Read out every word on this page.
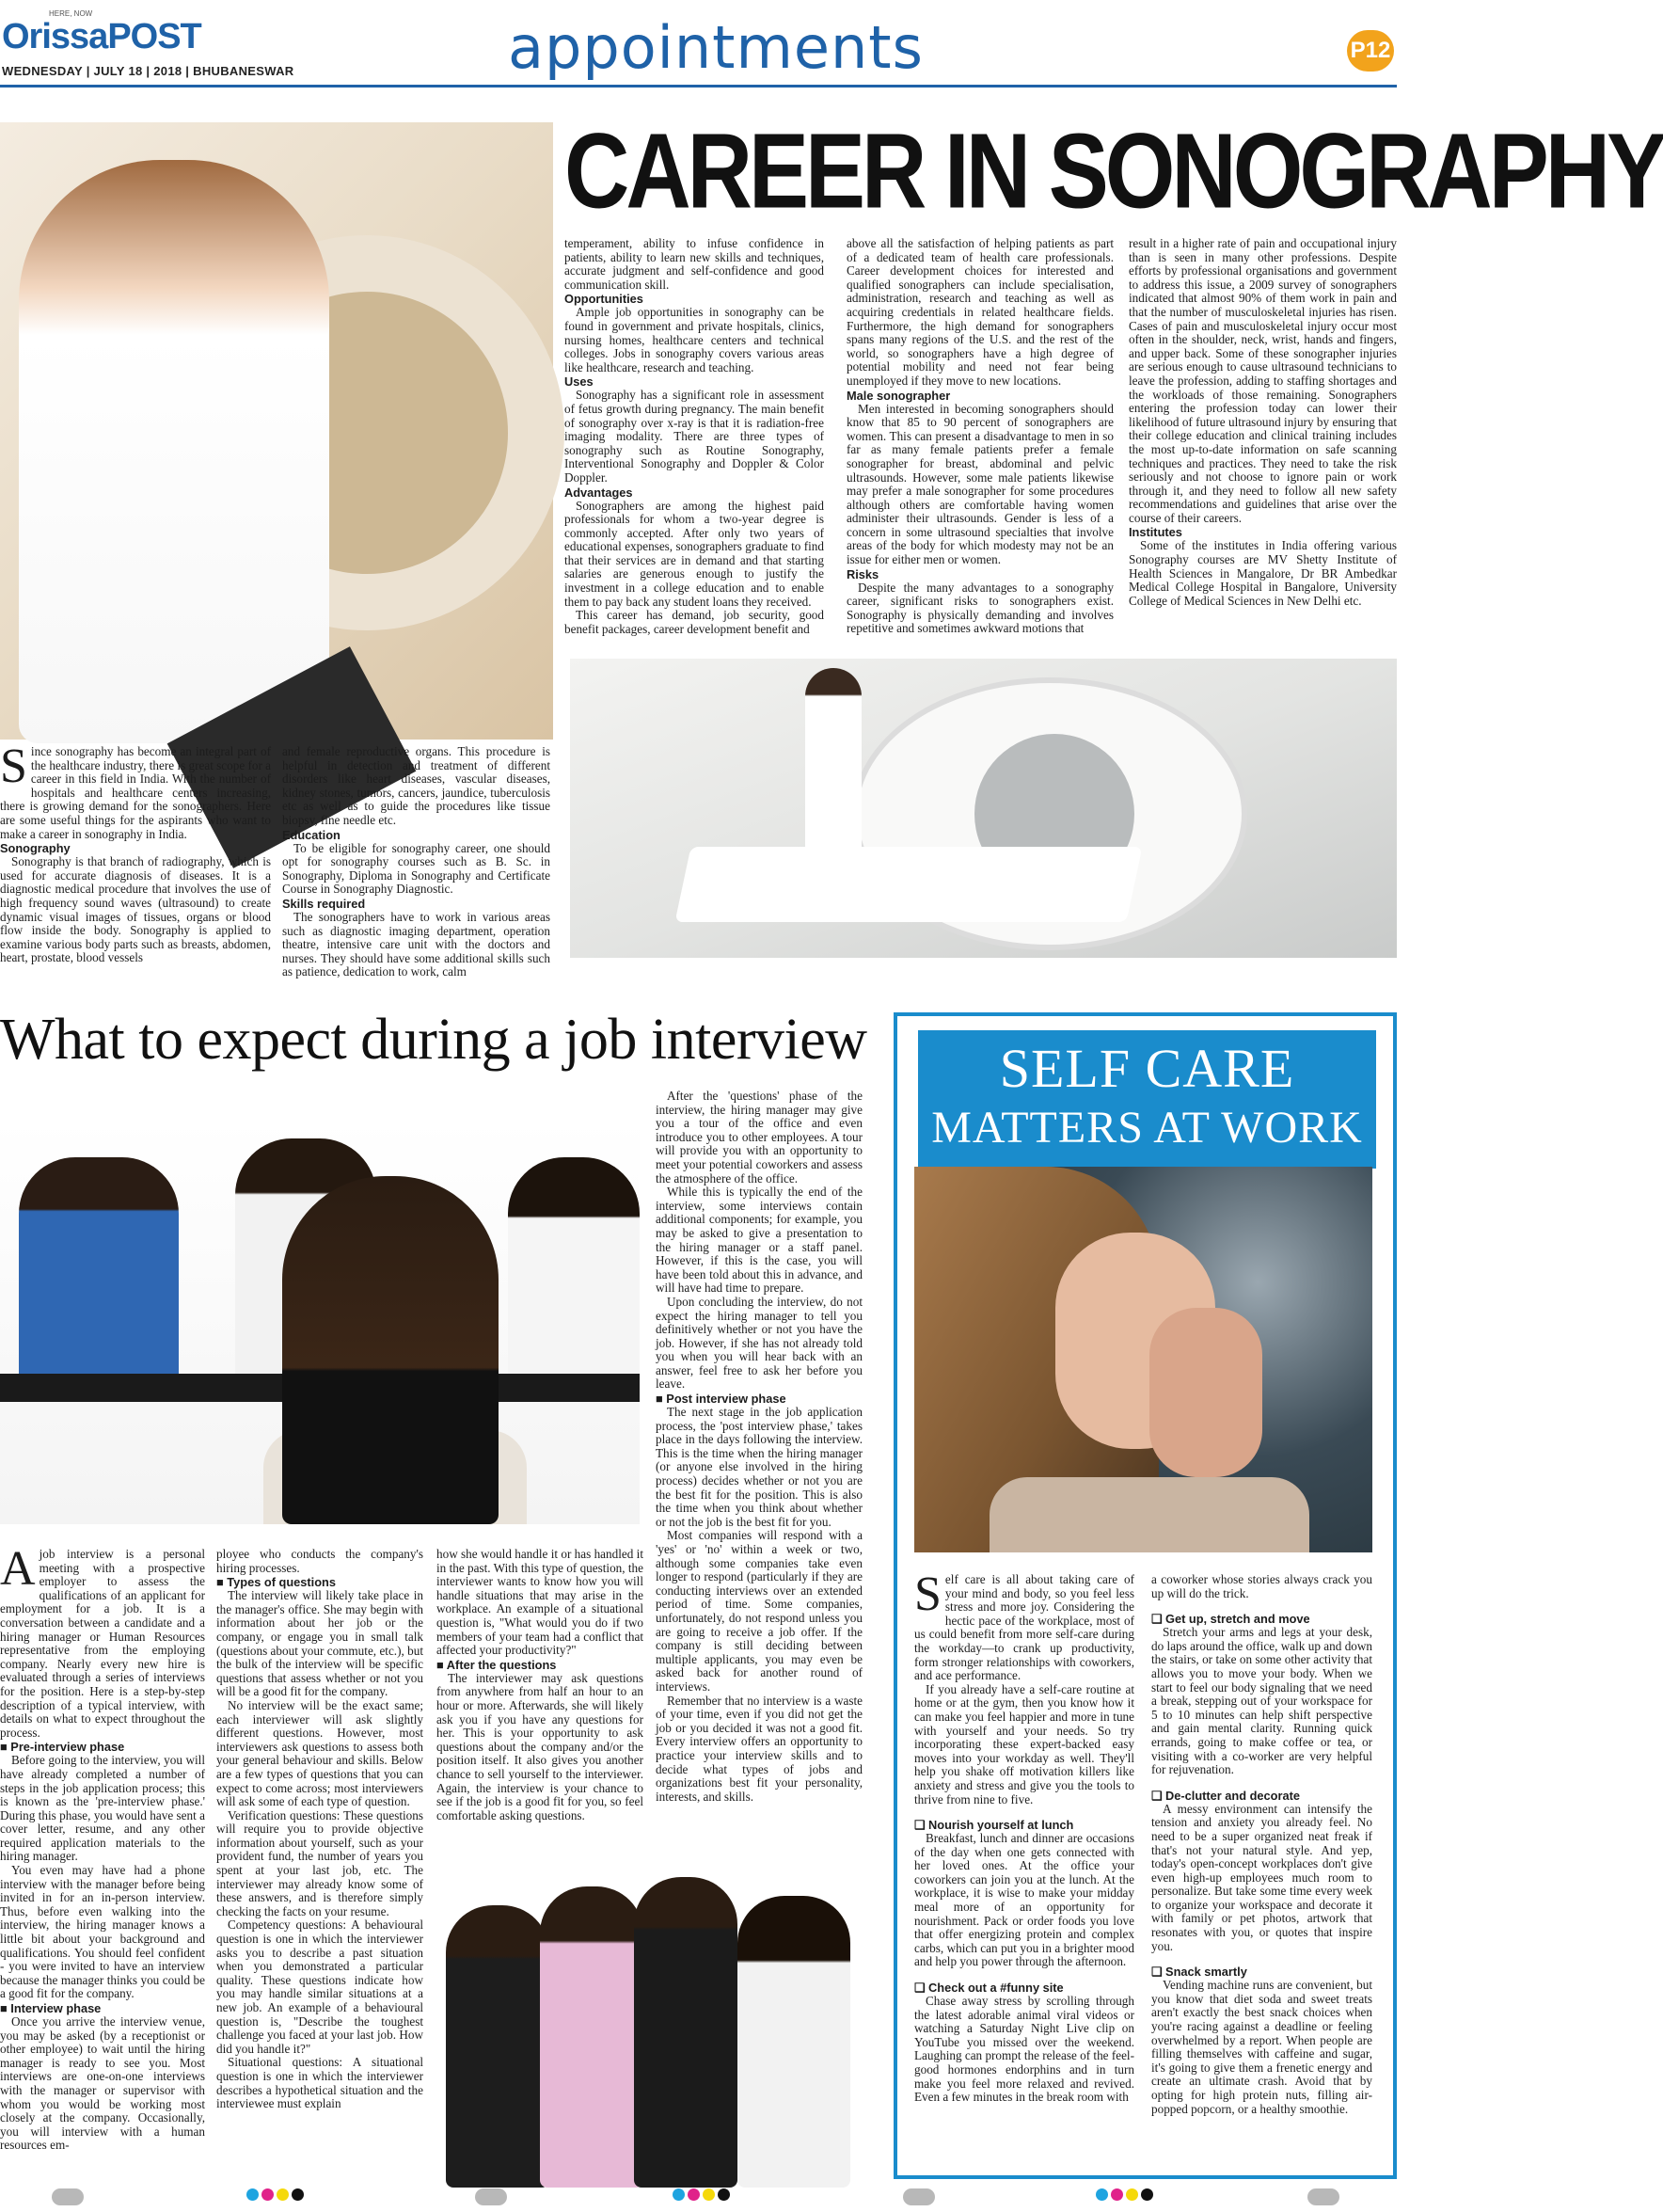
HERE, NOW
OrissaPOST
WEDNESDAY | JULY 18 | 2018 | BHUBANESWAR	appointments	P12
CAREER IN SONOGRAPHY
S ince sonography has become an integral part of the healthcare industry, there is great scope for a career in this field in India. With the number of hospitals and healthcare centers increasing, there is growing demand for the sonographers. Here are some useful things for the aspirants who want to make a career in sonography in India.

Sonography

Sonography is that branch of radiography, which is used for accurate diagnosis of diseases. It is a diagnostic medical procedure that involves the use of high frequency sound waves (ultrasound) to create dynamic visual images of tissues, organs or blood flow inside the body. Sonography is applied to examine various body parts such as breasts, abdomen, heart, prostate, blood vessels

and female reproductive organs. This procedure is helpful in detection and treatment of different disorders like heart diseases, vascular diseases, kidney stones, tumors, cancers, jaundice, tuberculosis etc as well as to guide the procedures like tissue biopsy, fine needle etc.

Education

To be eligible for sonography career, one should opt for sonography courses such as B. Sc. in Sonography, Diploma in Sonography and Certificate Course in Sonography Diagnostic.

Skills required

The sonographers have to work in various areas such as diagnostic imaging department, operation theatre, intensive care unit with the doctors and nurses. They should have some additional skills such as patience, dedication to work, calm

temperament, ability to infuse confidence in patients, ability to learn new skills and techniques, accurate judgment and self-confidence and good communication skill.

Opportunities

Ample job opportunities in sonography can be found in government and private hospitals, clinics, nursing homes, healthcare centers and technical colleges. Jobs in sonography covers various areas like healthcare, research and teaching.

Uses

Sonography has a significant role in assessment of fetus growth during pregnancy. The main benefit of sonography over x-ray is that it is radiation-free imaging modality. There are three types of sonography such as Routine Sonography, Interventional Sonography and Doppler & Color Doppler.

Advantages

Sonographers are among the highest paid professionals for whom a two-year degree is commonly accepted. After only two years of educational expenses, sonographers graduate to find that their services are in demand and that starting salaries are generous enough to justify the investment in a college education and to enable them to pay back any student loans they received.

This career has demand, job security, good benefit packages, career development benefit and

above all the satisfaction of helping patients as part of a dedicated team of health care professionals. Career development choices for interested and qualified sonographers can include specialisation, administration, research and teaching as well as acquiring credentials in related healthcare fields. Furthermore, the high demand for sonographers spans many regions of the U.S. and the rest of the world, so sonographers have a high degree of potential mobility and need not fear being unemployed if they move to new locations.

Male sonographer

Men interested in becoming sonographers should know that 85 to 90 percent of sonographers are women. This can present a disadvantage to men in so far as many female patients prefer a female sonographer for breast, abdominal and pelvic ultrasounds. However, some male patients likewise may prefer a male sonographer for some procedures although others are comfortable having women administer their ultrasounds. Gender is less of a concern in some ultrasound specialties that involve areas of the body for which modesty may not be an issue for either men or women.

Risks

Despite the many advantages to a sonography career, significant risks to sonographers exist. Sonography is physically demanding and involves repetitive and sometimes awkward motions that

result in a higher rate of pain and occupational injury than is seen in many other professions. Despite efforts by professional organisations and government to address this issue, a 2009 survey of sonographers indicated that almost 90% of them work in pain and that the number of musculoskeletal injuries has risen. Cases of pain and musculoskeletal injury occur most often in the shoulder, neck, wrist, hands and fingers, and upper back. Some of these sonographer injuries are serious enough to cause ultrasound technicians to leave the profession, adding to staffing shortages and the workloads of those remaining. Sonographers entering the profession today can lower their likelihood of future ultrasound injury by ensuring that their college education and clinical training includes the most up-to-date information on safe scanning techniques and practices. They need to take the risk seriously and not choose to ignore pain or work through it, and they need to follow all new safety recommendations and guidelines that arise over the course of their careers.

Institutes

Some of the institutes in India offering various Sonography courses are MV Shetty Institute of Health Sciences in Mangalore, Dr BR Ambedkar Medical College Hospital in Bangalore, University College of Medical Sciences in New Delhi etc.

What to expect during a job interview
A job interview is a personal meeting with a prospective employer to assess the qualifications of an applicant for employment for a job. It is a conversation between a candidate and a hiring manager or Human Resources representative from the employing company. Nearly every new hire is evaluated through a series of interviews for the position. Here is a step-by-step description of a typical interview, with details on what to expect throughout the process.

■ Pre-interview phase

Before going to the interview, you will have already completed a number of steps in the job application process; this is known as the 'pre-interview phase.' During this phase, you would have sent a cover letter, resume, and any other required application materials to the hiring manager.

You even may have had a phone interview with the manager before being invited in for an in-person interview. Thus, before even walking into the interview, the hiring manager knows a little bit about your background and qualifications. You should feel confident - you were invited to have an interview because the manager thinks you could be a good fit for the company.

■ Interview phase

Once you arrive the interview venue, you may be asked (by a receptionist or other employee) to wait until the hiring manager is ready to see you. Most interviews are one-on-one interviews with the manager or supervisor with whom you would be working most closely at the company. Occasionally, you will interview with a human resources em-

ployee who conducts the company's hiring processes.

■ Types of questions

The interview will likely take place in the manager's office. She may begin with information about her job or the company, or engage you in small talk (questions about your commute, etc.), but the bulk of the interview will be specific questions that assess whether or not you will be a good fit for the company.

No interview will be the exact same; each interviewer will ask slightly different questions. However, most interviewers ask questions to assess both your general behaviour and skills. Below are a few types of questions that you can expect to come across; most interviewers will ask some of each type of question.

Verification questions: These questions will require you to provide objective information about yourself, such as your provident fund, the number of years you spent at your last job, etc. The interviewer may already know some of these answers, and is therefore simply checking the facts on your resume.

Competency questions: A behavioural question is one in which the interviewer asks you to describe a past situation when you demonstrated a particular quality. These questions indicate how you may handle similar situations at a new job. An example of a behavioural question is, "Describe the toughest challenge you faced at your last job. How did you handle it?"

Situational questions: A situational question is one in which the interviewer describes a hypothetical situation and the interviewee must explain

how she would handle it or has handled it in the past. With this type of question, the interviewer wants to know how you will handle situations that may arise in the workplace. An example of a situational question is, "What would you do if two members of your team had a conflict that affected your productivity?"

■ After the questions

The interviewer may ask questions from anywhere from half an hour to an hour or more. Afterwards, she will likely ask you if you have any questions for her. This is your opportunity to ask questions about the company and/or the position itself. It also gives you another chance to sell yourself to the interviewer. Again, the interview is your chance to see if the job is a good fit for you, so feel comfortable asking questions.

After the 'questions' phase of the interview, the hiring manager may give you a tour of the office and even introduce you to other employees. A tour will provide you with an opportunity to meet your potential coworkers and assess the atmosphere of the office.

While this is typically the end of the interview, some interviews contain additional components; for example, you may be asked to give a presentation to the hiring manager or a staff panel. However, if this is the case, you will have been told about this in advance, and will have had time to prepare.

Upon concluding the interview, do not expect the hiring manager to tell you definitively whether or not you have the job. However, if she has not already told you when you will hear back with an answer, feel free to ask her before you leave.

■ Post interview phase

The next stage in the job application process, the 'post interview phase,' takes place in the days following the interview. This is the time when the hiring manager (or anyone else involved in the hiring process) decides whether or not you are the best fit for the position. This is also the time when you think about whether or not the job is the best fit for you.

Most companies will respond with a 'yes' or 'no' within a week or two, although some companies take even longer to respond (particularly if they are conducting interviews over an extended period of time. Some companies, unfortunately, do not respond unless you are going to receive a job offer. If the company is still deciding between multiple applicants, you may even be asked back for another round of interviews.

Remember that no interview is a waste of your time, even if you did not get the job or you decided it was not a good fit. Every interview offers an opportunity to practice your interview skills and to decide what types of jobs and organizations best fit your personality, interests, and skills.

SELF CARE
MATTERS AT WORK
S elf care is all about taking care of your mind and body, so you feel less stress and more joy. Considering the hectic pace of the workplace, most of us could benefit from more self-care during the workday—to crank up productivity, form stronger relationships with coworkers, and ace performance.

If you already have a self-care routine at home or at the gym, then you know how it can make you feel happier and more in tune with yourself and your needs. So try incorporating these expert-backed easy moves into your workday as well. They'll help you shake off motivation killers like anxiety and stress and give you the tools to thrive from nine to five.

❑ Nourish yourself at lunch

Breakfast, lunch and dinner are occasions of the day when one gets connected with her loved ones. At the office your coworkers can join you at the lunch. At the workplace, it is wise to make your midday meal more of an opportunity for nourishment. Pack or order foods you love that offer energizing protein and complex carbs, which can put you in a brighter mood and help you power through the afternoon.

❑ Check out a #funny site

Chase away stress by scrolling through the latest adorable animal viral videos or watching a Saturday Night Live clip on YouTube you missed over the weekend. Laughing can prompt the release of the feel-good hormones endorphins and in turn make you feel more relaxed and revived. Even a few minutes in the break room with

a coworker whose stories always crack you up will do the trick.

❑ Get up, stretch and move

Stretch your arms and legs at your desk, do laps around the office, walk up and down the stairs, or take on some other activity that allows you to move your body. When we start to feel our body signaling that we need a break, stepping out of your workspace for 5 to 10 minutes can help shift perspective and gain mental clarity. Running quick errands, going to make coffee or tea, or visiting with a co-worker are very helpful for rejuvenation.

❑ De-clutter and decorate

A messy environment can intensify the tension and anxiety you already feel. No need to be a super organized neat freak if that's not your natural style. And yep, today's open-concept workplaces don't give even high-up employees much room to personalize. But take some time every week to organize your workspace and decorate it with family or pet photos, artwork that resonates with you, or quotes that inspire you.

❑ Snack smartly

Vending machine runs are convenient, but you know that diet soda and sweet treats aren't exactly the best snack choices when you're racing against a deadline or feeling overwhelmed by a report. When people are filling themselves with caffeine and sugar, it's going to give them a frenetic energy and create an ultimate crash. Avoid that by opting for high protein nuts, filling air-popped popcorn, or a healthy smoothie.
